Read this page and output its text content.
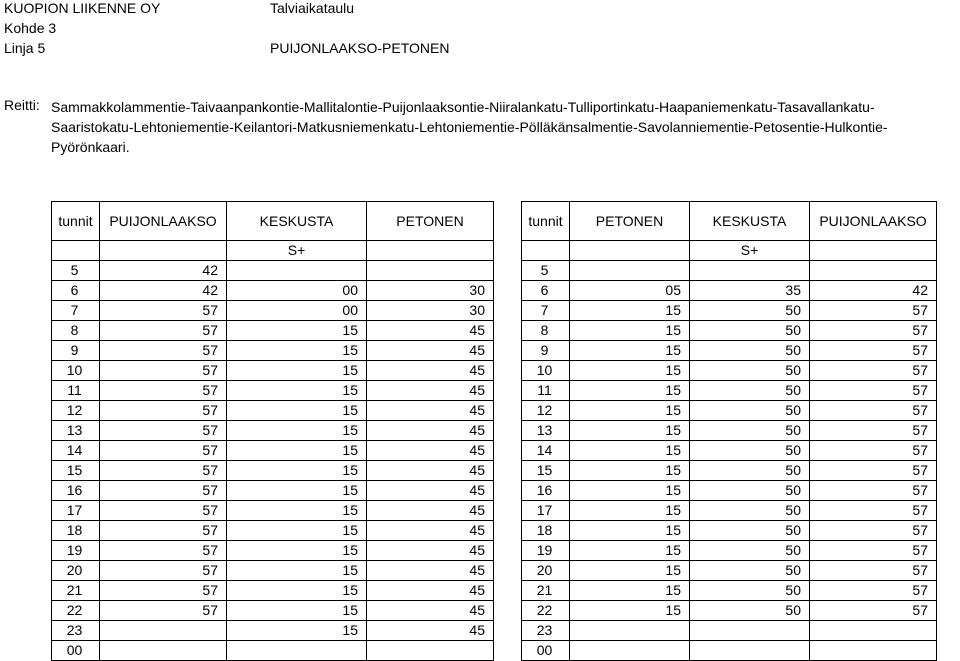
KUOPION LIIKENNE OY	Talviaikataulu
Kohde 3
Linja 5	PUIJONLAAKSO-PETONEN
Reitti: Sammakkolammentie-Taivaanpankontie-Mallitalontie-Puijonlaaksontie-Niiralankatu-Tulliportinkatu-Haapaniemenkatu-Tasavallankatu-Saaristokatu-Lehtoniementie-Keilantori-Matkusniemenkatu-Lehtoniementie-Pölläkänsalmentie-Savolanniementie-Petosentie-Hulkontie-Pyörönkaari.
tunnit	PUIJONLAAKSO	KESKUSTA	PETONEN
		S+	
5	42		
6	42	00	30
7	57	00	30
8	57	15	45
9	57	15	45
10	57	15	45
11	57	15	45
12	57	15	45
13	57	15	45
14	57	15	45
15	57	15	45
16	57	15	45
17	57	15	45
18	57	15	45
19	57	15	45
20	57	15	45
21	57	15	45
22	57	15	45
23		15	45
00			
tunnit	PETONEN	KESKUSTA	PUIJONLAAKSO
		S+	
5			
6	05	35	42
7	15	50	57
8	15	50	57
9	15	50	57
10	15	50	57
11	15	50	57
12	15	50	57
13	15	50	57
14	15	50	57
15	15	50	57
16	15	50	57
17	15	50	57
18	15	50	57
19	15	50	57
20	15	50	57
21	15	50	57
22	15	50	57
23			
00			
